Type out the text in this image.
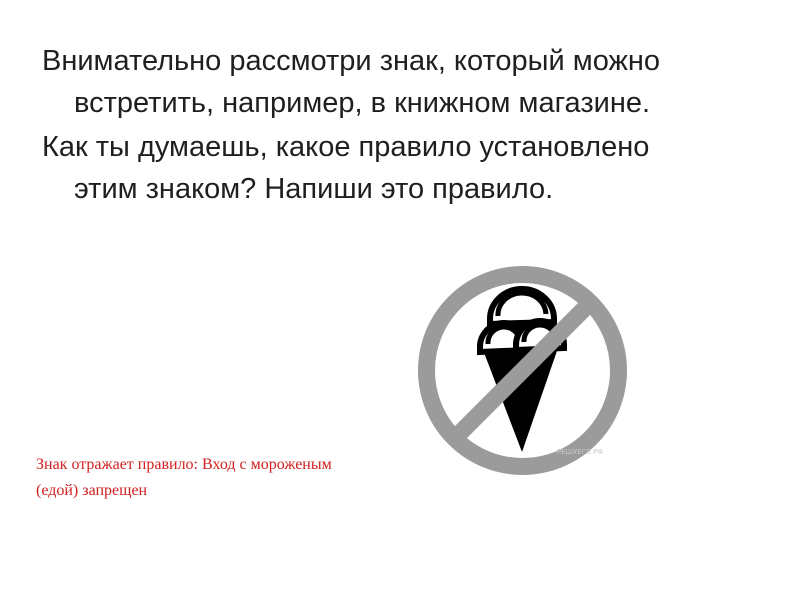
Внимательно рассмотри знак, который можно
встретить, например, в книжном магазине.

Как ты думаешь, какое правило установлено
этим знаком? Напиши это правило.

РЕШУЕГЭ.РФ
Знак отражает правило: Вход с мороженым
(едой) запрещен
